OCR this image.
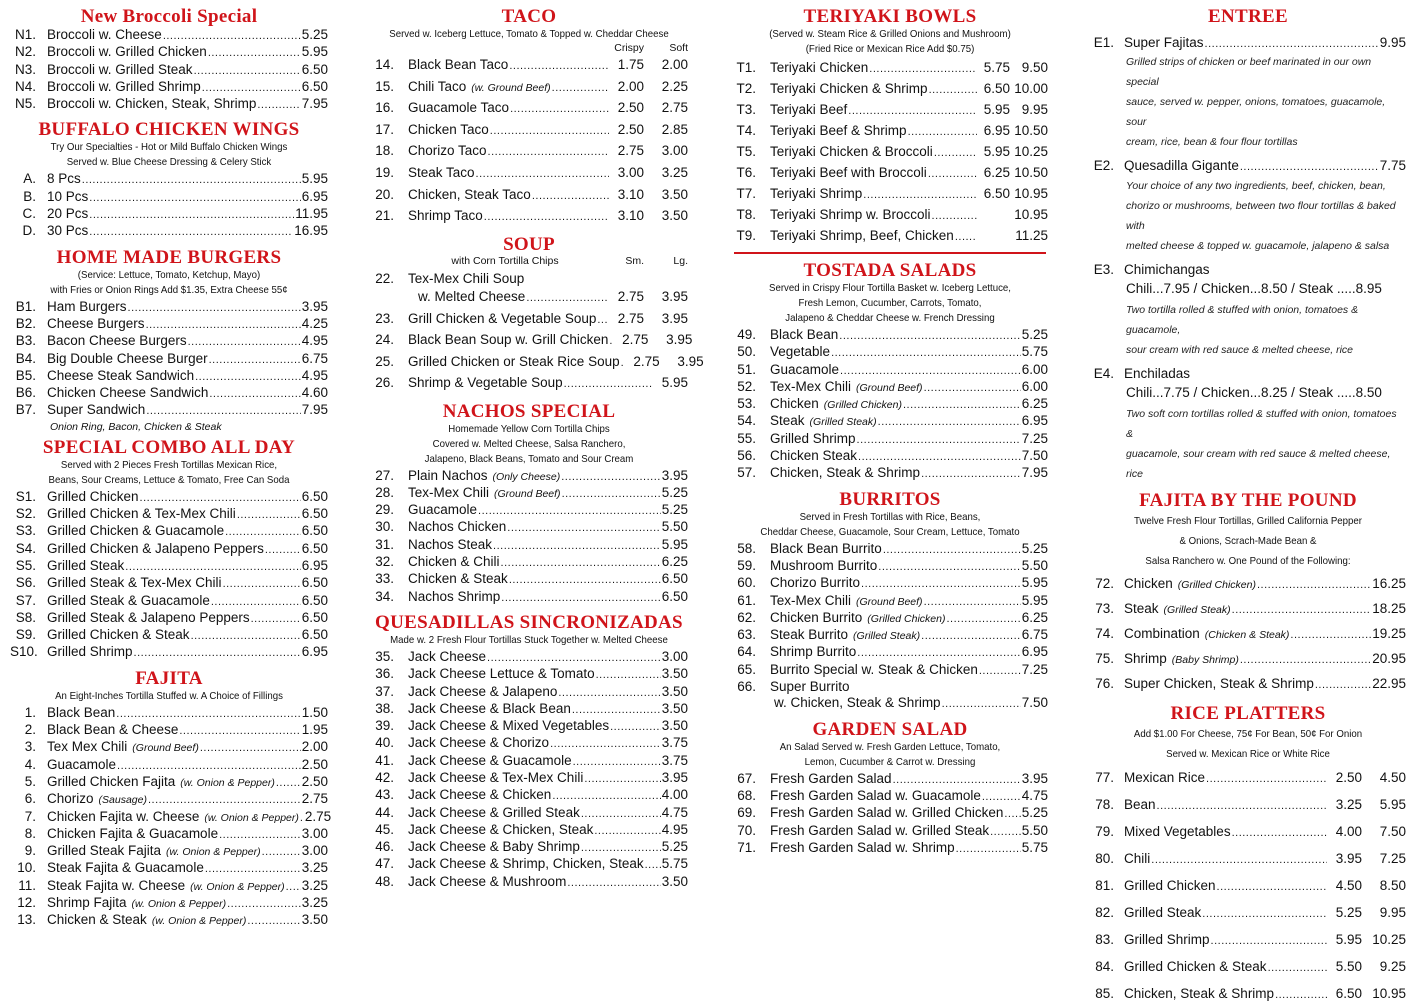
New Broccoli Special
N1. Broccoli w. Cheese .....	5.25
N2. Broccoli w. Grilled Chicken .....	5.95
N3. Broccoli w. Grilled Steak .....	6.50
N4. Broccoli w. Grilled Shrimp .....	6.50
N5. Broccoli w. Chicken, Steak, Shrimp .....	7.95
BUFFALO CHICKEN WINGS
Try Our Specialties - Hot or Mild Buffalo Chicken Wings
Served w. Blue Cheese Dressing & Celery Stick
A. 8 Pcs .....	5.95
B. 10 Pcs .....	6.95
C. 20 Pcs .....	11.95
D. 30 Pcs .....	16.95
HOME MADE BURGERS
(Service: Lettuce, Tomato, Ketchup, Mayo)
with Fries or Onion Rings Add $1.35, Extra Cheese 55¢
B1. Ham Burgers .....	3.95
B2. Cheese Burgers .....	4.25
B3. Bacon Cheese Burgers .....	4.95
B4. Big Double Cheese Burger .....	6.75
B5. Cheese Steak Sandwich .....	4.95
B6. Chicken Cheese Sandwich .....	4.60
B7. Super Sandwich .....	7.95
Onion Ring, Bacon, Chicken & Steak
SPECIAL COMBO ALL DAY
Served with 2 Pieces Fresh Tortillas Mexican Rice,
Beans, Sour Creams, Lettuce & Tomato, Free Can Soda
S1. Grilled Chicken .....	6.50
S2. Grilled Chicken & Tex-Mex Chili .....	6.50
S3. Grilled Chicken & Guacamole .....	6.50
S4. Grilled Chicken & Jalapeno Peppers .....	6.50
S5. Grilled Steak .....	6.95
S6. Grilled Steak & Tex-Mex Chili .....	6.50
S7. Grilled Steak & Guacamole .....	6.50
S8. Grilled Steak & Jalapeno Peppers .....	6.50
S9. Grilled Chicken & Steak .....	6.50
S10. Grilled Shrimp .....	6.95
FAJITA
An Eight-Inches Tortilla Stuffed w. A Choice of Fillings
1. Black Bean .....	1.50
2. Black Bean & Cheese .....	1.95
3. Tex Mex Chili (Ground Beef) .....	2.00
4. Guacamole .....	2.50
5. Grilled Chicken Fajita (w. Onion & Pepper) ..... 2.50
6. Chorizo (Sausage) .....	2.75
7. Chicken Fajita w. Cheese (w. Onion & Pepper) ..... 2.75
8. Chicken Fajita & Guacamole .....	3.00
9. Grilled Steak Fajita (w. Onion & Pepper) .....	3.00
10. Steak Fajita & Guacamole .....	3.25
11. Steak Fajita w. Cheese (w. Onion & Pepper) ..... 3.25
12. Shrimp Fajita (w. Onion & Pepper) .....	3.25
13. Chicken & Steak (w. Onion & Pepper) .....	3.50
TACO
Served w. Iceberg Lettuce, Tomato & Topped w. Cheddar Cheese
Crispy	Soft
14. Black Bean Taco .....	1.75	2.00
15. Chili Taco (w. Ground Beef) .....	2.00	2.25
16. Guacamole Taco .....	2.50	2.75
17. Chicken Taco .....	2.50	2.85
18. Chorizo Taco .....	2.75	3.00
19. Steak Taco .....	3.00	3.25
20. Chicken, Steak Taco .....	3.10	3.50
21. Shrimp Taco .....	3.10	3.50
SOUP
with Corn Tortilla Chips	Sm.	Lg.
22. Tex-Mex Chili Soup
w. Melted Cheese .....	2.75	3.95
23. Grill Chicken & Vegetable Soup .....	2.75	3.95
24. Black Bean Soup w. Grill Chicken .....	2.75	3.95
25. Grilled Chicken or Steak Rice Soup .....	2.75	3.95
26. Shrimp & Vegetable Soup .....	5.95
NACHOS SPECIAL
Homemade Yellow Corn Tortilla Chips
Covered w. Melted Cheese, Salsa Ranchero,
Jalapeno, Black Beans, Tomato and Sour Cream
27. Plain Nachos (Only Cheese) .....	3.95
28. Tex-Mex Chili (Ground Beef) .....	5.25
29. Guacamole .....	5.25
30. Nachos Chicken .....	5.50
31. Nachos Steak .....	5.95
32. Chicken & Chili .....	6.25
33. Chicken & Steak .....	6.50
34. Nachos Shrimp .....	6.50
QUESADILLAS SINCRONIZADAS
Made w. 2 Fresh Flour Tortillas Stuck Together w. Melted Cheese
35. Jack Cheese .....	3.00
36. Jack Cheese Lettuce & Tomato .....	3.50
37. Jack Cheese & Jalapeno .....	3.50
38. Jack Cheese & Black Bean .....	3.50
39. Jack Cheese & Mixed Vegetables .....	3.50
40. Jack Cheese & Chorizo .....	3.75
41. Jack Cheese & Guacamole .....	3.75
42. Jack Cheese & Tex-Mex Chili .....	3.95
43. Jack Cheese & Chicken .....	4.00
44. Jack Cheese & Grilled Steak .....	4.75
45. Jack Cheese & Chicken, Steak .....	4.95
46. Jack Cheese & Baby Shrimp .....	5.25
47. Jack Cheese & Shrimp, Chicken, Steak ..... 5.75
48. Jack Cheese & Mushroom .....	3.50
TERIYAKI BOWLS
(Served w. Steam Rice & Grilled Onions and Mushroom)
(Fried Rice or Mexican Rice Add $0.75)
T1. Teriyaki Chicken .....	5.75 9.50
T2. Teriyaki Chicken & Shrimp .....	6.50 10.00
T3. Teriyaki Beef .....	5.95 9.95
T4. Teriyaki Beef & Shrimp .....	6.95 10.50
T5. Teriyaki Chicken & Broccoli .....	5.95 10.25
T6. Teriyaki Beef with Broccoli .....	6.25 10.50
T7. Teriyaki Shrimp .....	6.50 10.95
T8. Teriyaki Shrimp w. Broccoli .....	10.95
T9. Teriyaki Shrimp, Beef, Chicken .....	11.25
TOSTADA SALADS
Served in Crispy Flour Tortilla Basket w. Iceberg Lettuce,
Fresh Lemon, Cucumber, Carrots, Tomato,
Jalapeno & Cheddar Cheese w. French Dressing
49. Black Bean .....	5.25
50. Vegetable .....	5.75
51. Guacamole .....	6.00
52. Tex-Mex Chili (Ground Beef) .....	6.00
53. Chicken (Grilled Chicken) .....	6.25
54. Steak (Grilled Steak) .....	6.95
55. Grilled Shrimp .....	7.25
56. Chicken Steak .....	7.50
57. Chicken, Steak & Shrimp .....	7.95
BURRITOS
Served in Fresh Tortillas with Rice, Beans,
Cheddar Cheese, Guacamole, Sour Cream, Lettuce, Tomato
58. Black Bean Burrito .....	5.25
59. Mushroom Burrito .....	5.50
60. Chorizo Burrito .....	5.95
61. Tex-Mex Chili (Ground Beef) .....	5.95
62. Chicken Burrito (Grilled Chicken) .....	6.25
63. Steak Burrito (Grilled Steak) .....	6.75
64. Shrimp Burrito .....	6.95
65. Burrito Special w. Steak & Chicken .....	7.25
66. Super Burrito
w. Chicken, Steak & Shrimp .....	7.50
GARDEN SALAD
An Salad Served w. Fresh Garden Lettuce, Tomato,
Lemon, Cucumber & Carrot w. Dressing
67. Fresh Garden Salad .....	3.95
68. Fresh Garden Salad w. Guacamole .....	4.75
69. Fresh Garden Salad w. Grilled Chicken ..... 5.25
70. Fresh Garden Salad w. Grilled Steak ..... 5.50
71. Fresh Garden Salad w. Shrimp .....	5.75
ENTREE
E1. Super Fajitas .....	9.95
Grilled strips of chicken or beef marinated in our own special
sauce, served w. pepper, onions, tomatoes, guacamole, sour
cream, rice, bean & four flour tortillas
E2. Quesadilla Gigante .....	7.75
Your choice of any two ingredients, beef, chicken, bean,
chorizo or mushrooms, between two flour tortillas & baked with
melted cheese & topped w. guacamole, jalapeno & salsa
E3. Chimichangas
Chili...7.95 / Chicken...8.50 / Steak .....8.95
Two tortilla rolled & stuffed with onion, tomatoes & guacamole,
sour cream with red sauce & melted cheese, rice
E4. Enchiladas
Chili...7.75 / Chicken...8.25 / Steak .....8.50
Two soft corn tortillas rolled & stuffed with onion, tomatoes &
guacamole, sour cream with red sauce & melted cheese, rice
FAJITA BY THE POUND
Twelve Fresh Flour Tortillas, Grilled California Pepper
& Onions, Scrach-Made Bean &
Salsa Ranchero w. One Pound of the Following:
72. Chicken (Grilled Chicken) .....	16.25
73. Steak (Grilled Steak) .....	18.25
74. Combination (Chicken & Steak) .....	19.25
75. Shrimp (Baby Shrimp) .....	20.95
76. Super Chicken, Steak & Shrimp .....	22.95
RICE PLATTERS
Add $1.00 For Cheese, 75¢ For Bean, 50¢ For Onion
Served w. Mexican Rice or White Rice
77. Mexican Rice .....	2.50	4.50
78. Bean .....	3.25	5.95
79. Mixed Vegetables .....	4.00	7.50
80. Chili .....	3.95	7.25
81. Grilled Chicken .....	4.50	8.50
82. Grilled Steak .....	5.25	9.95
83. Grilled Shrimp .....	5.95 10.25
84. Grilled Chicken & Steak .....	5.50	9.25
85. Chicken, Steak & Shrimp .....	6.50 10.95
